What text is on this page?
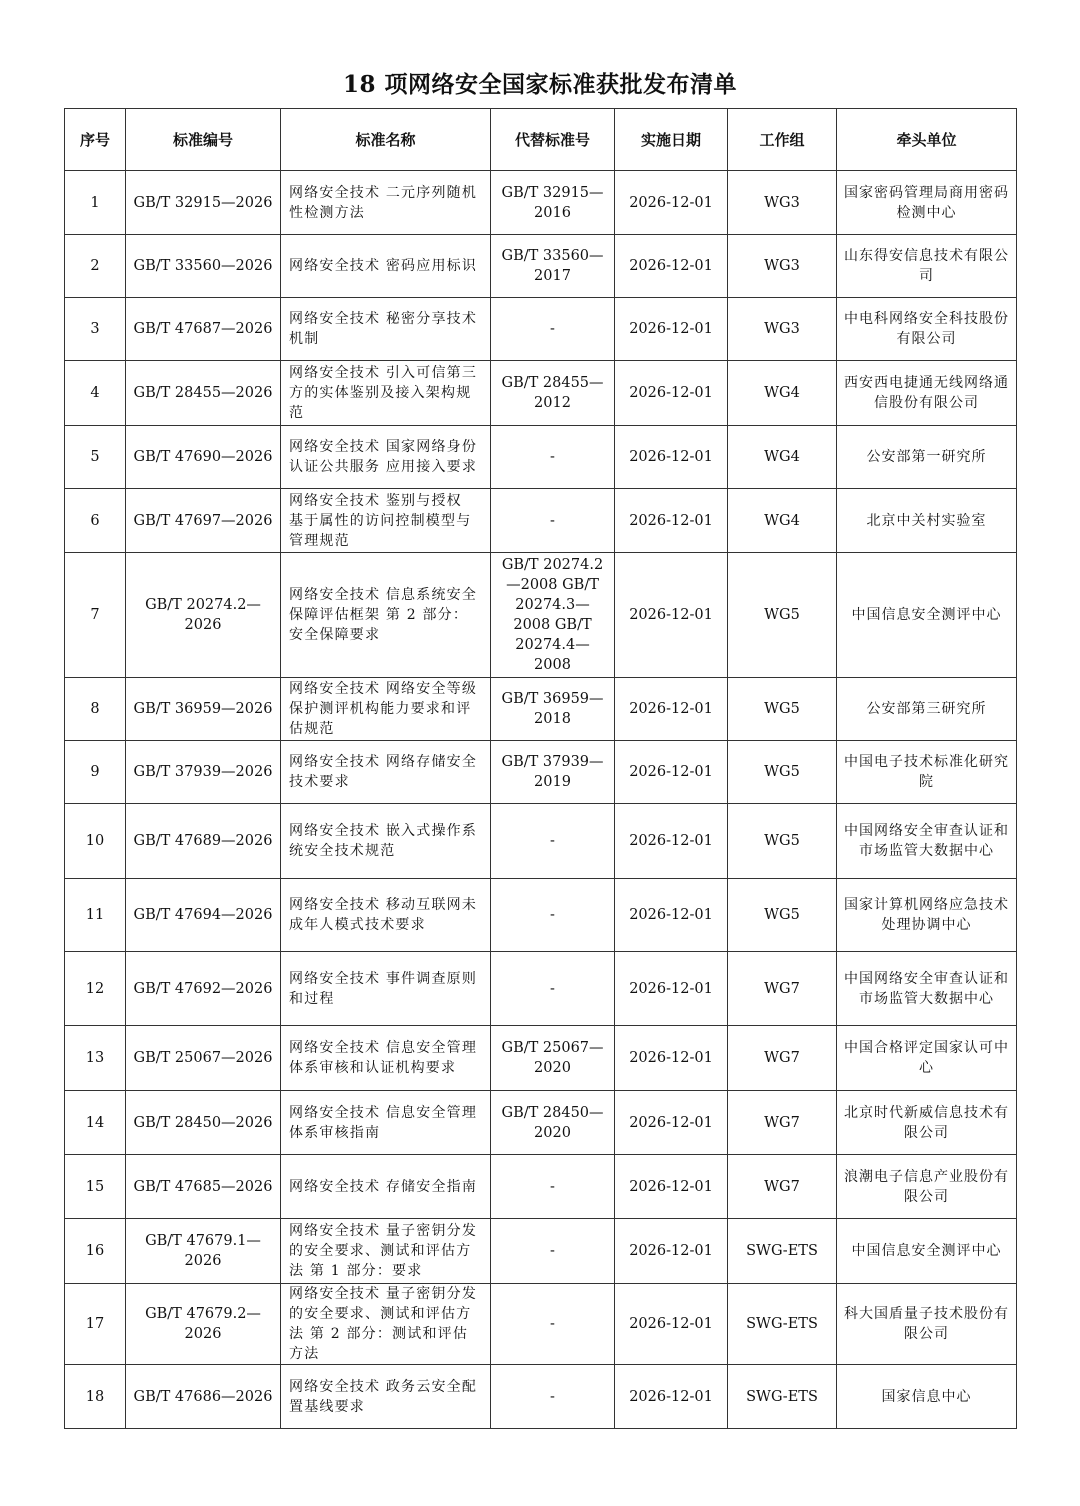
18 项网络安全国家标准获批发布清单
序号	标准编号	标准名称	代替标准号	实施日期	工作组	牵头单位
1	GB/T 32915—2026	网络安全技术 二元序列随机性检测方法	GB/T 32915—2016	2026-12-01	WG3	国家密码管理局商用密码检测中心
2	GB/T 33560—2026	网络安全技术 密码应用标识	GB/T 33560—2017	2026-12-01	WG3	山东得安信息技术有限公司
3	GB/T 47687—2026	网络安全技术 秘密分享技术机制	-	2026-12-01	WG3	中电科网络安全科技股份有限公司
4	GB/T 28455—2026	网络安全技术 引入可信第三方的实体鉴别及接入架构规范	GB/T 28455—2012	2026-12-01	WG4	西安西电捷通无线网络通信股份有限公司
5	GB/T 47690—2026	网络安全技术 国家网络身份认证公共服务 应用接入要求	-	2026-12-01	WG4	公安部第一研究所
6	GB/T 47697—2026	网络安全技术 鉴别与授权 基于属性的访问控制模型与管理规范	-	2026-12-01	WG4	北京中关村实验室
7	GB/T 20274.2—2026	网络安全技术 信息系统安全保障评估框架 第 2 部分：安全保障要求	GB/T 20274.2—2008 GB/T 20274.3—2008 GB/T 20274.4—2008	2026-12-01	WG5	中国信息安全测评中心
8	GB/T 36959—2026	网络安全技术 网络安全等级保护测评机构能力要求和评估规范	GB/T 36959—2018	2026-12-01	WG5	公安部第三研究所
9	GB/T 37939—2026	网络安全技术 网络存储安全技术要求	GB/T 37939—2019	2026-12-01	WG5	中国电子技术标准化研究院
10	GB/T 47689—2026	网络安全技术 嵌入式操作系统安全技术规范	-	2026-12-01	WG5	中国网络安全审查认证和市场监管大数据中心
11	GB/T 47694—2026	网络安全技术 移动互联网未成年人模式技术要求	-	2026-12-01	WG5	国家计算机网络应急技术处理协调中心
12	GB/T 47692—2026	网络安全技术 事件调查原则和过程	-	2026-12-01	WG7	中国网络安全审查认证和市场监管大数据中心
13	GB/T 25067—2026	网络安全技术 信息安全管理体系审核和认证机构要求	GB/T 25067—2020	2026-12-01	WG7	中国合格评定国家认可中心
14	GB/T 28450—2026	网络安全技术 信息安全管理体系审核指南	GB/T 28450—2020	2026-12-01	WG7	北京时代新威信息技术有限公司
15	GB/T 47685—2026	网络安全技术 存储安全指南	-	2026-12-01	WG7	浪潮电子信息产业股份有限公司
16	GB/T 47679.1—2026	网络安全技术 量子密钥分发的安全要求、测试和评估方法 第 1 部分：要求	-	2026-12-01	SWG-ETS	中国信息安全测评中心
17	GB/T 47679.2—2026	网络安全技术 量子密钥分发的安全要求、测试和评估方法 第 2 部分：测试和评估方法	-	2026-12-01	SWG-ETS	科大国盾量子技术股份有限公司
18	GB/T 47686—2026	网络安全技术 政务云安全配置基线要求	-	2026-12-01	SWG-ETS	国家信息中心
